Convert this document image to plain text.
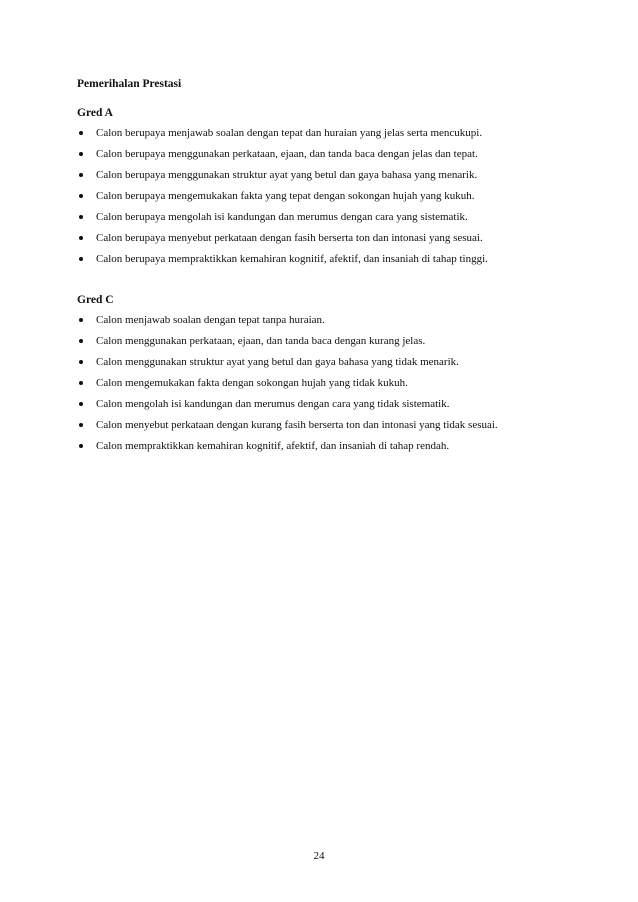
Pemerihalan Prestasi
Gred A
Calon berupaya menjawab soalan dengan tepat dan huraian yang jelas serta mencukupi.
Calon berupaya menggunakan perkataan, ejaan, dan tanda baca dengan jelas dan tepat.
Calon berupaya menggunakan struktur ayat yang betul dan gaya bahasa yang menarik.
Calon berupaya mengemukakan fakta yang tepat dengan sokongan hujah yang kukuh.
Calon berupaya mengolah isi kandungan dan merumus dengan cara yang sistematik.
Calon berupaya menyebut perkataan dengan fasih berserta ton dan intonasi yang sesuai.
Calon berupaya mempraktikkan kemahiran kognitif, afektif, dan insaniah di tahap tinggi.
Gred C
Calon menjawab soalan dengan tepat tanpa huraian.
Calon menggunakan perkataan, ejaan, dan tanda baca dengan kurang jelas.
Calon menggunakan struktur ayat yang betul dan gaya bahasa yang tidak menarik.
Calon mengemukakan fakta dengan sokongan hujah yang tidak kukuh.
Calon mengolah isi kandungan dan merumus dengan cara yang tidak sistematik.
Calon menyebut perkataan dengan kurang fasih berserta ton dan intonasi yang tidak sesuai.
Calon mempraktikkan kemahiran kognitif, afektif, dan insaniah di tahap rendah.
24
